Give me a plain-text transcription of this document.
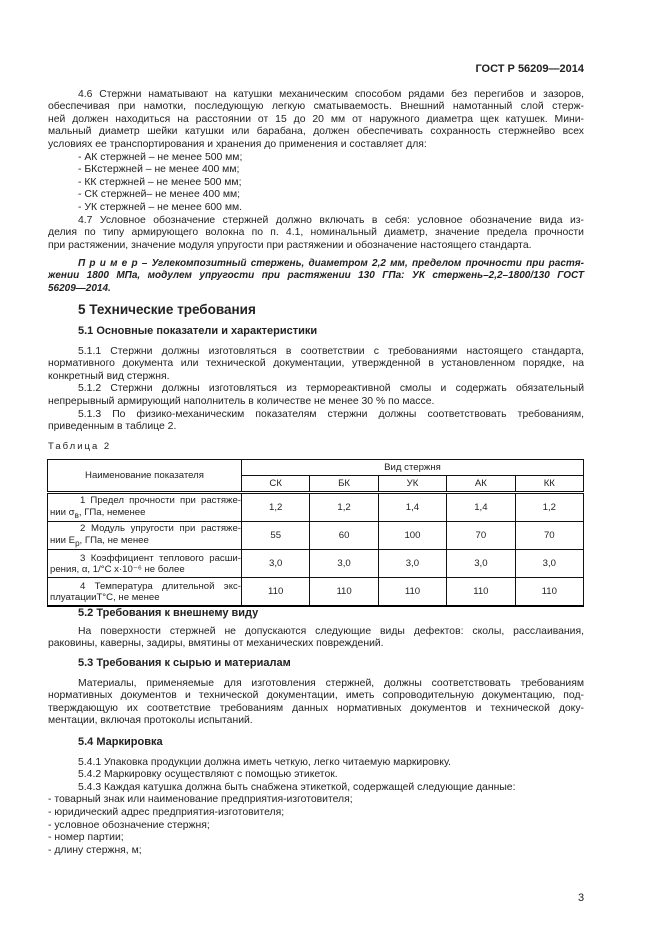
ГОСТ Р 56209—2014
4.6 Стержни наматывают на катушки механическим способом рядами без перегибов и зазоров,
обеспечивая при намотки, последующую легкую сматываемость. Внешний намотанный слой стерж-
ней должен находиться на расстоянии от 15 до 20 мм от наружного диаметра щек катушек. Мини-
мальный диаметр шейки катушки или барабана, должен обеспечивать сохранность стержнейво всех
условиях ее транспортирования и хранения до применения и составляет для:
- АК стержней – не менее 500 мм;
- БКстержней – не менее 400 мм;
- КК стержней – не менее 500 мм;
- СК стержней– не менее 400 мм;
- УК стержней – не менее 600 мм.
4.7 Условное обозначение стержней должно включать в себя: условное обозначение вида из-
делия по типу армирующего волокна по п. 4.1, номинальный диаметр, значение предела прочности
при растяжении, значение модуля упругости при растяжении и обозначение настоящего стандарта.
П р и м е р – Углекомпозитный стержень, диаметром 2,2 мм, пределом прочности при растя-
жении 1800 МПа, модулем упругости при растяжении 130 ГПа: УК стержень–2,2–1800/130 ГОСТ
56209—2014.
5 Технические требования
5.1 Основные показатели и характеристики
5.1.1 Стержни должны изготовляться в соответствии с требованиями настоящего стандарта,
нормативного документа или технической документации, утвержденной в установленном порядке, на
конкретный вид стержня.
5.1.2 Стержни должны изготовляться из термореактивной смолы и содержать обязательный
непрерывный армирующий наполнитель в количестве не менее 30 % по массе.
5.1.3 По физико-механическим показателям стержни должны соответствовать требованиям,
приведенным в таблице 2.
Таблица 2
Наименование показателя	Вид стержня				
	СК	БК	УК	АК	КК

1 Предел прочности при растяже-
нии $\sigma_в$, ГПа, неменее	1,2	1,2	1,4	1,4	1,2

2 Модуль упругости при растяже-
нии $E_р$, ГПа, не менее	55	60	100	70	70

3 Коэффициент теплового расши-
рения, α, 1/°С х·10⁻⁶ не более	3,0	3,0	3,0	3,0	3,0

4 Температура длительной экс-
плуатацииТ°С, не менее	110	110	110	110	110
5.2 Требования к внешнему виду
На поверхности стержней не допускаются следующие виды дефектов: сколы, расслаивания,
раковины, каверны, задиры, вмятины от механических повреждений.
5.3 Требования к сырью и материалам
Материалы, применяемые для изготовления стержней, должны соответствовать требованиям
нормативных документов и технической документации, иметь сопроводительную документацию, под-
тверждающую их соответствие требованиям данных нормативных документов и технической доку-
ментации, включая протоколы испытаний.
5.4 Маркировка
5.4.1 Упаковка продукции должна иметь четкую, легко читаемую маркировку.
5.4.2 Маркировку осуществляют с помощью этикеток.
5.4.3 Каждая катушка должна быть снабжена этикеткой, содержащей следующие данные:
- товарный знак или наименование предприятия-изготовителя;
- юридический адрес предприятия-изготовителя;
- условное обозначение стержня;
- номер партии;
- длину стержня, м;
3
